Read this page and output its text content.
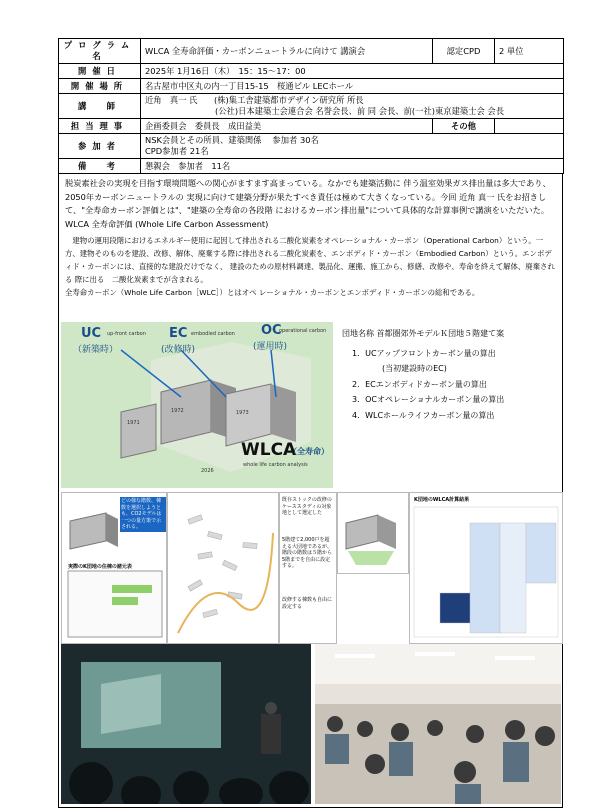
プログラム名	WLCA 全寿命評価・カーボンニュートラルに向けて 講演会	認定CPD	2 単位
開催日	2025年 1月16日（木）　15：15～17：00		
開催場所	名古屋市中区丸の内一丁目15-15　桜通ビル LECホール		
講　師	近角　真一 氏　　(株)集工舎建築都市デザイン研究所 所長
(公社)日本建築士会連合会 名誉会長、前 同 会長、前(一社)東京建築士会 会長		

担当理事	企画委員会　委員長　成田益美	その他	
参加者	NSK会員とその所員、建築関係　 参加者 30名
CPD参加者 21名		

備　考	懇親会　参加者　11名		
脱炭素社会の実現を目指す環境問題への関心がますます高まっている。なかでも建築活動に 伴う温室効果ガス排出量は多大であり、2050年カーボンニュートラルの 実現に向けて建築分野が果たすべき責任は極めて大きくなっている。今回 近角 真一 氏をお招きして、"全寿命カーボン評価とは"、"建築の全寿命の各段階 におけるカーボン排出量"について具体的な計算事例で講演をいただいた。 WLCA 全寿命評価 (Whole Life Carbon Assessment)
建物の運用段階におけるエネルギー使用に起因して排出される二酸化炭素をオペレーショナル・カーボン（Operational Carbon）という。一方、建物そのものを建設、改修、解体、廃棄する際に排出される二酸化炭素を、エンボディド・カーボン（Embodied Carbon）という。エンボディド・カーボンには、直接的な建設だけでなく、 建設のための原材料調達、製品化、運搬、施工から、修繕、改修や、寿命を終えて解体、廃棄される 際に出る　二酸化炭素までが含まれる。
全寿命カーボン（Whole Life Carbon［WLC］）とはオペ レーショナル・カーボンとエンボディド・カーボンの総和である。
1971
1972	1973
2026
UC up-front carbon
（新築時）
EC embodied carbon
(改修時)
OC
operational carbon
(運用時)
WLCA
（全寿命）
whole life carbon analysis
団地名称 首都圏郊外モデルＫ団地５階建て案
1．UCアップフロントカーボン量の算出
(当初建設時のEC)
2．ECエンボディドカーボン量の算出
3．OCオペレーショナルカーボン量の算出
4．WLCホールライフカーボン量の算出
どの様な階数、棟数を選択しようとも、CO2モデルは一つの量方策で示される。
実際のK団地の住棟の諸元表
既存ストックの改修のケーススタディの対象地として選定した
5階建て2,000戸を超える大団地であるが、階段の階数は５階から5階までを自由に設定する。
改修する棟数も自由に設定する
K団地のWLCA計算結果
